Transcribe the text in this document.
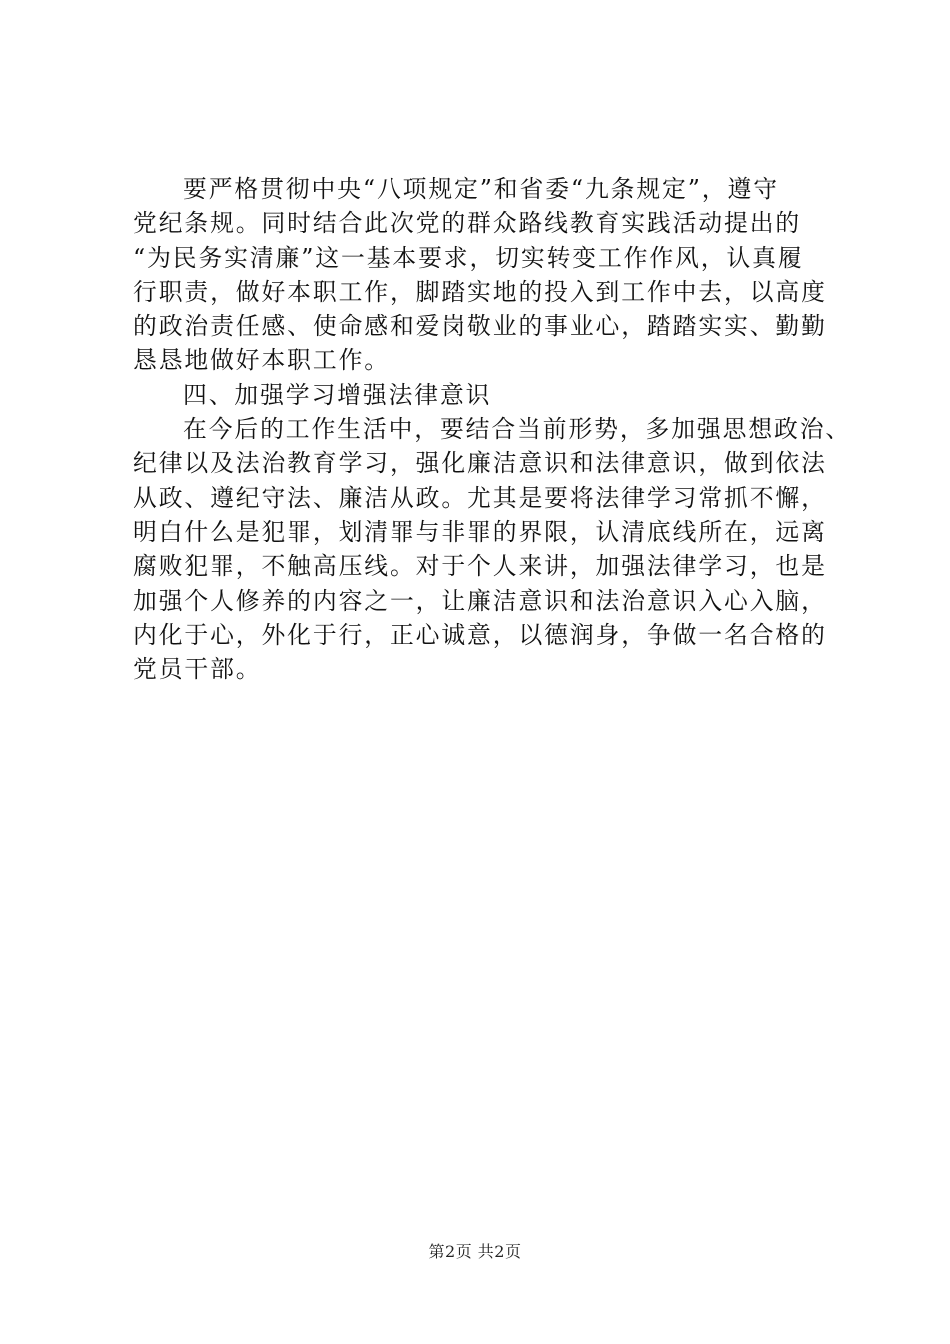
要严格贯彻中央“八项规定”和省委“九条规定”，遵守
党纪条规。同时结合此次党的群众路线教育实践活动提出的
“为民务实清廉”这一基本要求，切实转变工作作风，认真履
行职责，做好本职工作，脚踏实地的投入到工作中去，以高度
的政治责任感、使命感和爱岗敬业的事业心，踏踏实实、勤勤
恳恳地做好本职工作。
四、加强学习增强法律意识
在今后的工作生活中，要结合当前形势，多加强思想政治、
纪律以及法治教育学习，强化廉洁意识和法律意识，做到依法
从政、遵纪守法、廉洁从政。尤其是要将法律学习常抓不懈，
明白什么是犯罪，划清罪与非罪的界限，认清底线所在，远离
腐败犯罪，不触高压线。对于个人来讲，加强法律学习，也是
加强个人修养的内容之一，让廉洁意识和法治意识入心入脑，
内化于心，外化于行，正心诚意，以德润身，争做一名合格的
党员干部。
第2页 共2页
